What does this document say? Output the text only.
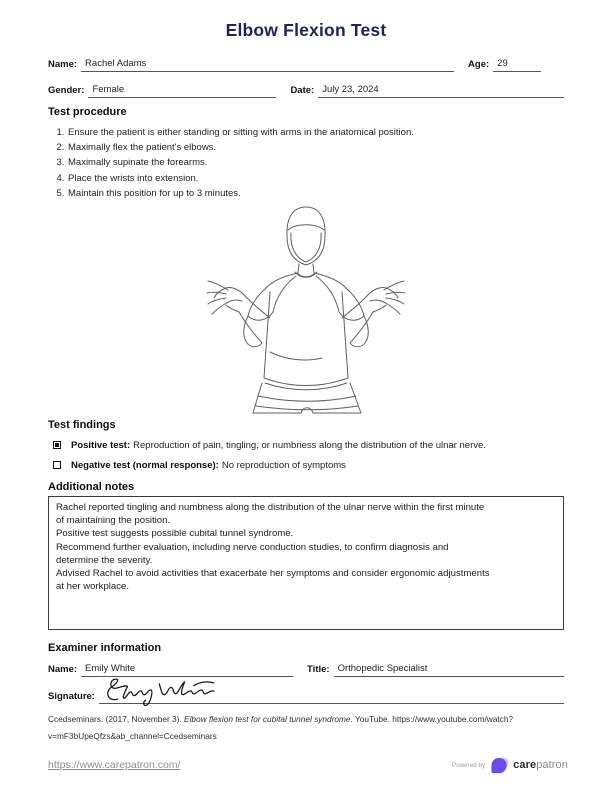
Elbow Flexion Test
Name: Rachel Adams	Age: 29
Gender: Female	Date: July 23, 2024
Test procedure
1. Ensure the patient is either standing or sitting with arms in the anatomical position.
2. Maximally flex the patient's elbows.
3. Maximally supinate the forearms.
4. Place the wrists into extension.
5. Maintain this position for up to 3 minutes.
Test findings
Positive test: Reproduction of pain, tingling, or numbness along the distribution of the ulnar nerve.
Negative test (normal response): No reproduction of symptoms
Additional notes
Rachel reported tingling and numbness along the distribution of the ulnar nerve within the first minute
of maintaining the position.
Positive test suggests possible cubital tunnel syndrome.
Recommend further evaluation, including nerve conduction studies, to confirm diagnosis and
determine the severity.
Advised Rachel to avoid activities that exacerbate her symptoms and consider ergonomic adjustments
at her workplace.
Examiner information
Name: Emily White	Title: Orthopedic Specialist
Signature:
Ccedseminars. (2017, November 3). Elbow flexion test for cubital tunnel syndrome. YouTube. https://www.youtube.com/watch?
v=mF3bUpeQfzs&ab_channel=Ccedseminars
https://www.carepatron.com/	Powered by	care patron
